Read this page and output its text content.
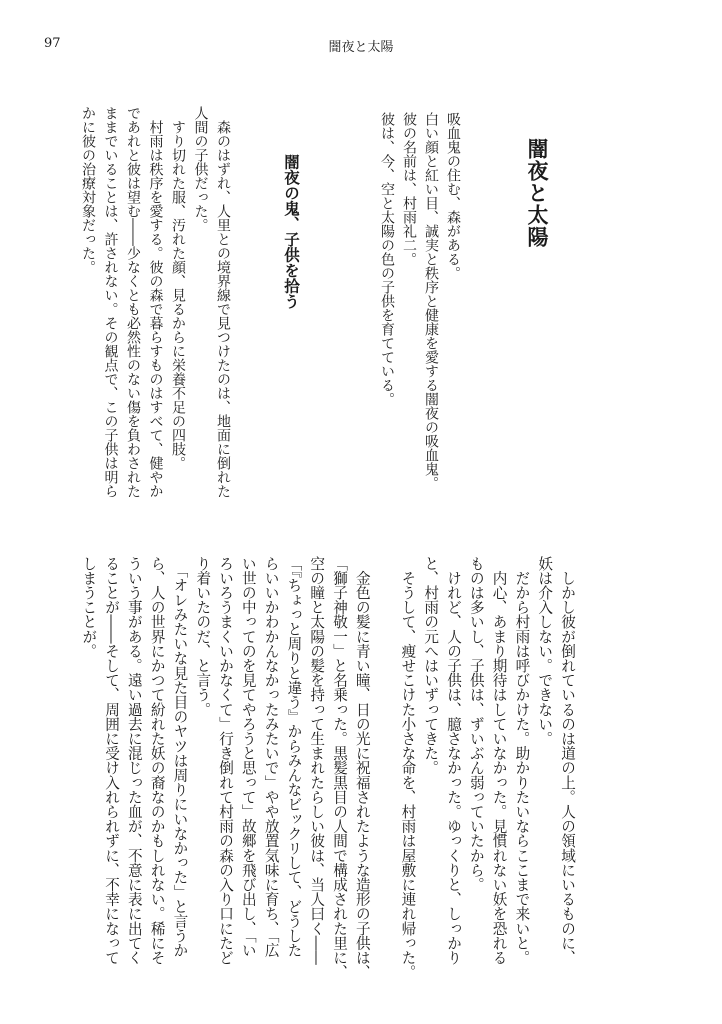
97	闇夜と太陽
闇夜と太陽
吸血鬼の住む、森がある。
白い顔と紅い目、誠実と秩序と健康を愛する闇夜の吸血鬼。
彼の名前は、村雨礼二。
彼は、今、空と太陽の色の子供を育てている。
闇夜の鬼、子供を拾う
　森のはずれ、人里との境界線で見つけたのは、地面に倒れた
人間の子供だった。
　すり切れた服、汚れた顔、見るからに栄養不足の四肢。
　村雨は秩序を愛する。彼の森で暮らすものはすべて、健やか
であれと彼は望む――少なくとも必然性のない傷を負わされた
ままでいることは、許されない。その観点で、この子供は明ら
かに彼の治療対象だった。
　しかし彼が倒れているのは道の上。人の領域にいるものに、
妖は介入しない。できない。
　だから村雨は呼びかけた。助かりたいならここまで来いと。
　内心、あまり期待はしていなかった。見慣れない妖を恐れる
ものは多いし、子供は、ずいぶん弱っていたから。
　けれど、人の子供は、臆さなかった。ゆっくりと、しっかり
と、村雨の元へはいずってきた。
　そうして、痩せこけた小さな命を、村雨は屋敷に連れ帰った。

　金色の髪に青い瞳、日の光に祝福されたような造形の子供は、
「獅子神敬一」と名乗った。黒髪黒目の人間で構成された里に、
空の瞳と太陽の髪を持って生まれたらしい彼は、当人曰く――
「『ちょっと周りと違う』からみんなビックリして、どうした
らいいかわかんなかったみたいで」やや放置気味に育ち、「広
い世の中ってのを見てやろうと思って」故郷を飛び出し、「い
ろいろうまくいかなくて」行き倒れて村雨の森の入り口にたど
り着いたのだ、と言う。
　「オレみたいな見た目のヤツは周りにいなかった」と言うか
ら、人の世界にかつて紛れた妖の裔なのかもしれない。稀にそ
ういう事がある。遠い過去に混じった血が、不意に表に出てく
ることが――そして、周囲に受け入れられずに、不幸になって
しまうことが。
